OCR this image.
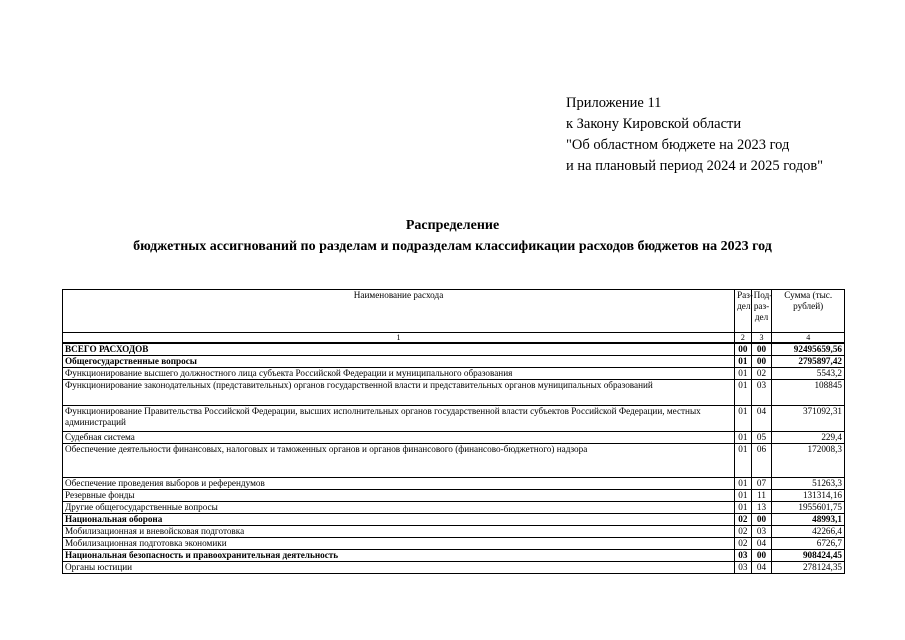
Приложение 11
к Закону Кировской области
"Об областном бюджете на 2023 год
и на плановый период 2024 и 2025 годов"
Распределение
бюджетных ассигнований по разделам и подразделам классификации расходов бюджетов на 2023 год
Наименование расхода	Раз-дел	Под-раз-дел	Сумма (тыс. рублей)
1	2	3	4
ВСЕГО РАСХОДОВ	00	00	92495659,56
Общегосударственные вопросы	01	00	2795897,42
Функционирование высшего должностного лица субъекта Российской Федерации и муниципального образования	01	02	5543,2
Функционирование законодательных (представительных) органов государственной власти и представительных органов муниципальных образований	01	03	108845
Функционирование Правительства Российской Федерации, высших исполнительных органов государственной власти субъектов Российской Федерации, местных администраций	01	04	371092,31
Судебная система	01	05	229,4
Обеспечение деятельности финансовых, налоговых и таможенных органов и органов финансового (финансово-бюджетного) надзора	01	06	172008,3
Обеспечение проведения выборов и референдумов	01	07	51263,3
Резервные фонды	01	11	131314,16
Другие общегосударственные вопросы	01	13	1955601,75
Национальная оборона	02	00	48993,1
Мобилизационная и вневойсковая подготовка	02	03	42266,4
Мобилизационная подготовка экономики	02	04	6726,7
Национальная безопасность и правоохранительная деятельность	03	00	908424,45
Органы юстиции	03	04	278124,35
